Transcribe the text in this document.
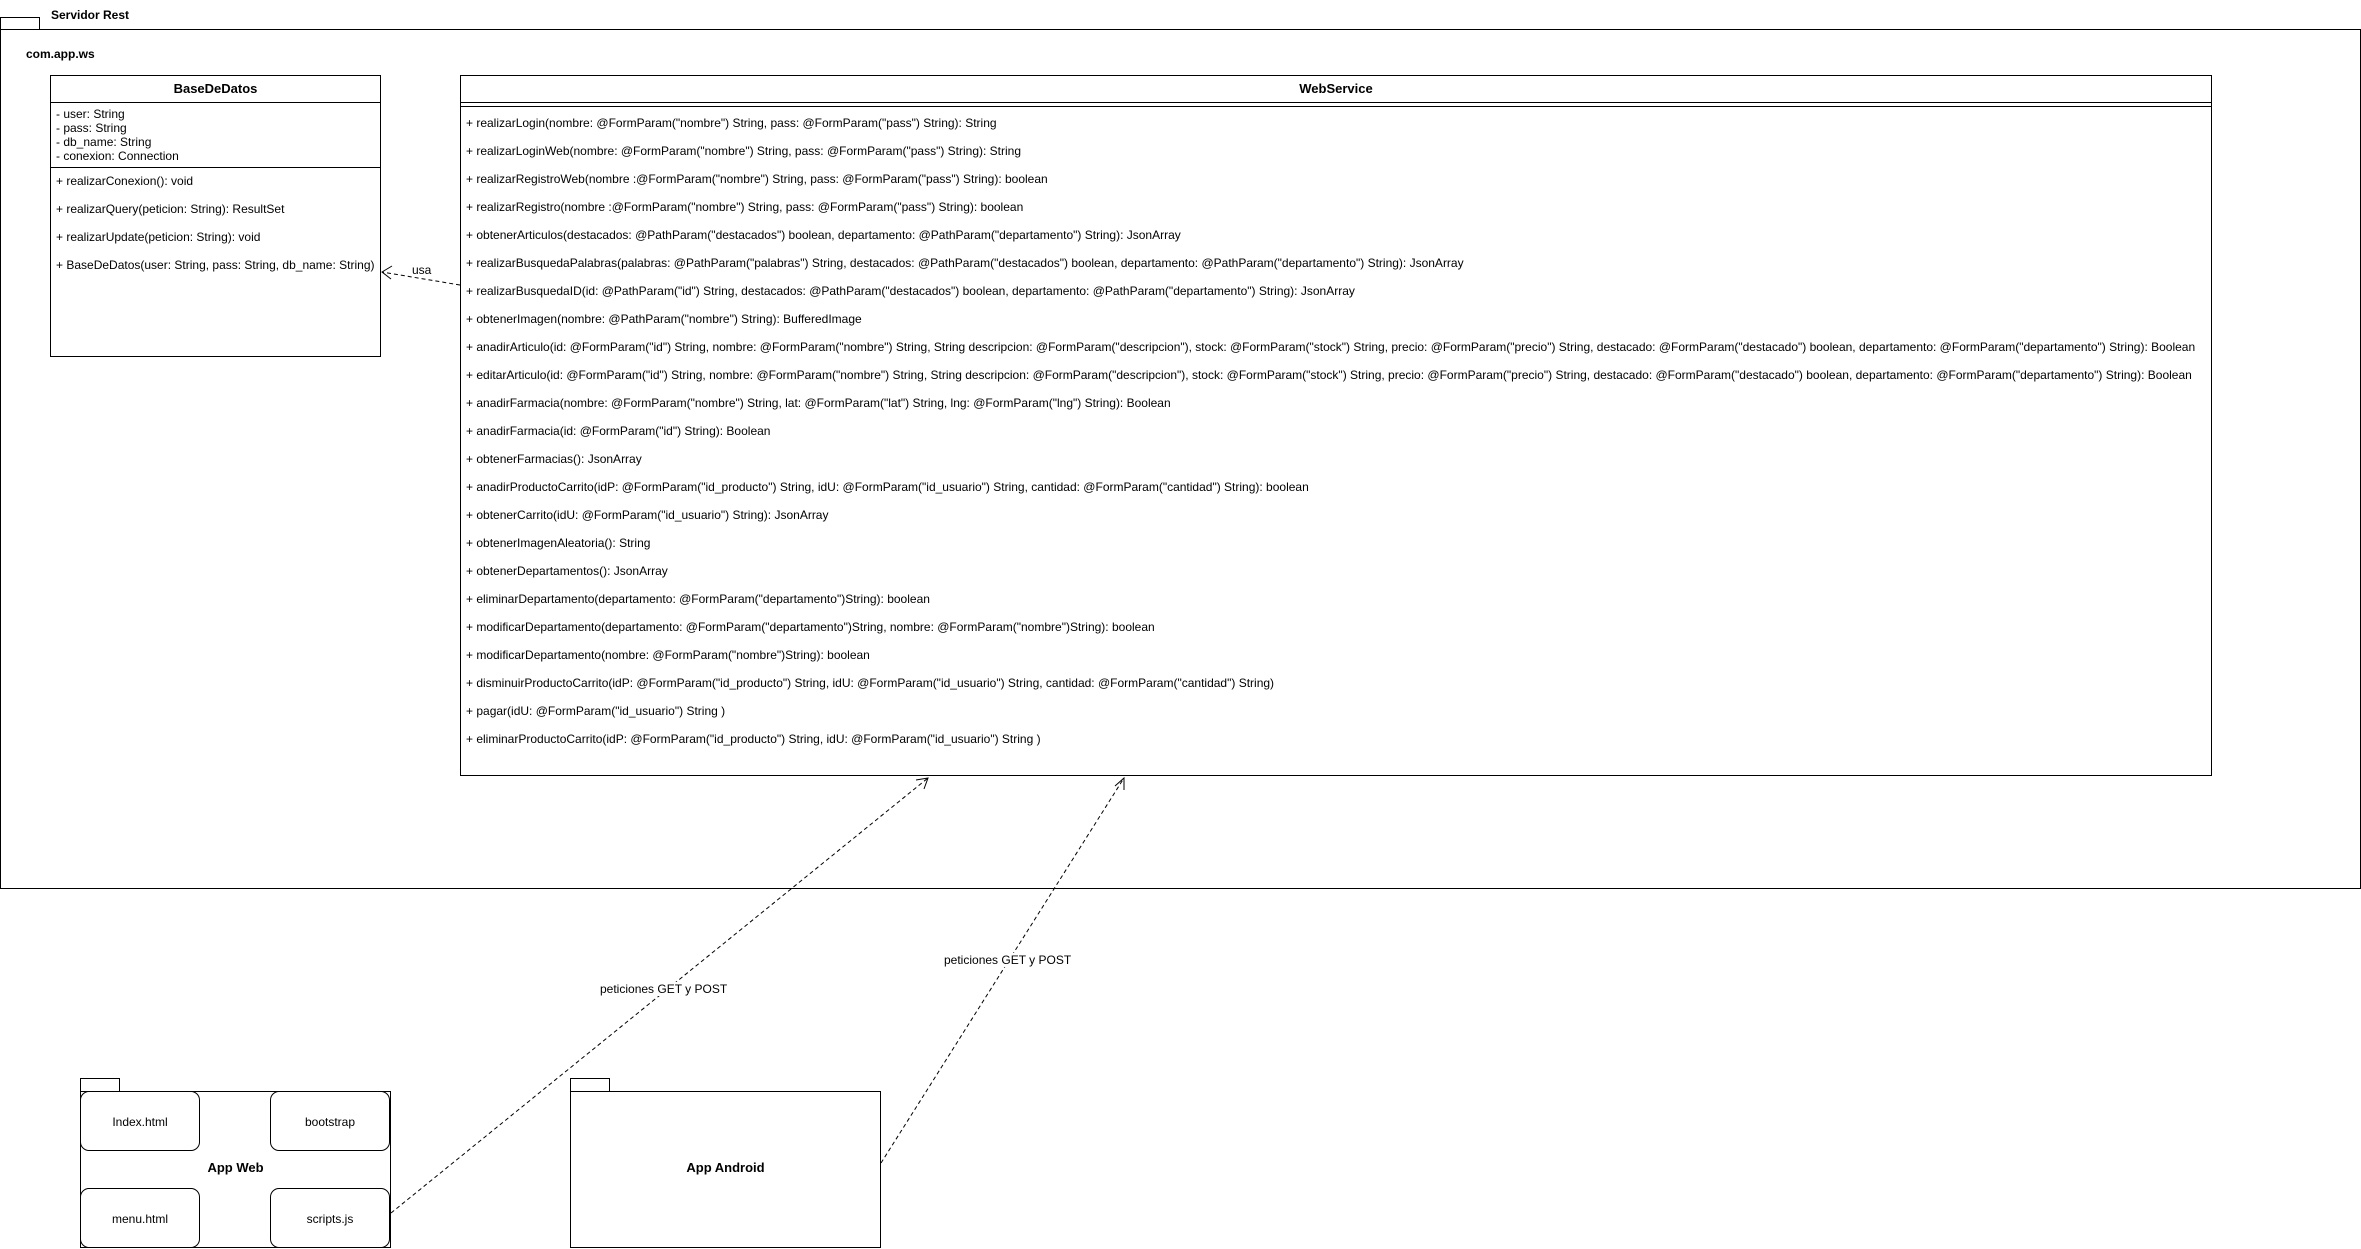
Servidor Rest
com.app.ws
BaseDeDatos
- user: String
- pass: String
- db_name: String
- conexion: Connection
+ realizarConexion(): void
+ realizarQuery(peticion: String): ResultSet
+ realizarUpdate(peticion: String): void
+ BaseDeDatos(user: String, pass: String, db_name: String)
WebService
+ realizarLogin(nombre: @FormParam("nombre") String, pass: @FormParam("pass") String): String
+ realizarLoginWeb(nombre: @FormParam("nombre") String, pass: @FormParam("pass") String): String
+ realizarRegistroWeb(nombre :@FormParam("nombre") String, pass: @FormParam("pass") String): boolean
+ realizarRegistro(nombre :@FormParam("nombre") String, pass: @FormParam("pass") String): boolean
+ obtenerArticulos(destacados: @PathParam("destacados") boolean, departamento: @PathParam("departamento") String): JsonArray
+ realizarBusquedaPalabras(palabras: @PathParam("palabras") String, destacados: @PathParam("destacados") boolean, departamento: @PathParam("departamento") String): JsonArray
+ realizarBusquedaID(id: @PathParam("id") String, destacados: @PathParam("destacados") boolean, departamento: @PathParam("departamento") String): JsonArray
+ obtenerImagen(nombre: @PathParam("nombre") String): BufferedImage
+ anadirArticulo(id: @FormParam("id") String, nombre: @FormParam("nombre") String, String descripcion: @FormParam("descripcion"), stock: @FormParam("stock") String, precio: @FormParam("precio") String, destacado: @FormParam("destacado") boolean, departamento: @FormParam("departamento") String): Boolean
+ editarArticulo(id: @FormParam("id") String, nombre: @FormParam("nombre") String, String descripcion: @FormParam("descripcion"), stock: @FormParam("stock") String, precio: @FormParam("precio") String, destacado: @FormParam("destacado") boolean, departamento: @FormParam("departamento") String): Boolean
+ anadirFarmacia(nombre: @FormParam("nombre") String, lat: @FormParam("lat") String, lng: @FormParam("lng") String): Boolean
+ anadirFarmacia(id: @FormParam("id") String): Boolean
+ obtenerFarmacias(): JsonArray
+ anadirProductoCarrito(idP: @FormParam("id_producto") String, idU: @FormParam("id_usuario") String, cantidad: @FormParam("cantidad") String): boolean
+ obtenerCarrito(idU: @FormParam("id_usuario") String): JsonArray
+ obtenerImagenAleatoria(): String
+ obtenerDepartamentos(): JsonArray
+ eliminarDepartamento(departamento: @FormParam("departamento")String): boolean
+ modificarDepartamento(departamento: @FormParam("departamento")String, nombre: @FormParam("nombre")String): boolean
+ modificarDepartamento(nombre: @FormParam("nombre")String): boolean
+ disminuirProductoCarrito(idP: @FormParam("id_producto") String, idU: @FormParam("id_usuario") String, cantidad: @FormParam("cantidad") String)
+ pagar(idU: @FormParam("id_usuario") String )
+ eliminarProductoCarrito(idP: @FormParam("id_producto") String, idU: @FormParam("id_usuario") String )
App Web
Index.html	bootstrap
menu.html	scripts.js
App Android
usa
peticiones GET y POST
peticiones GET y POST
